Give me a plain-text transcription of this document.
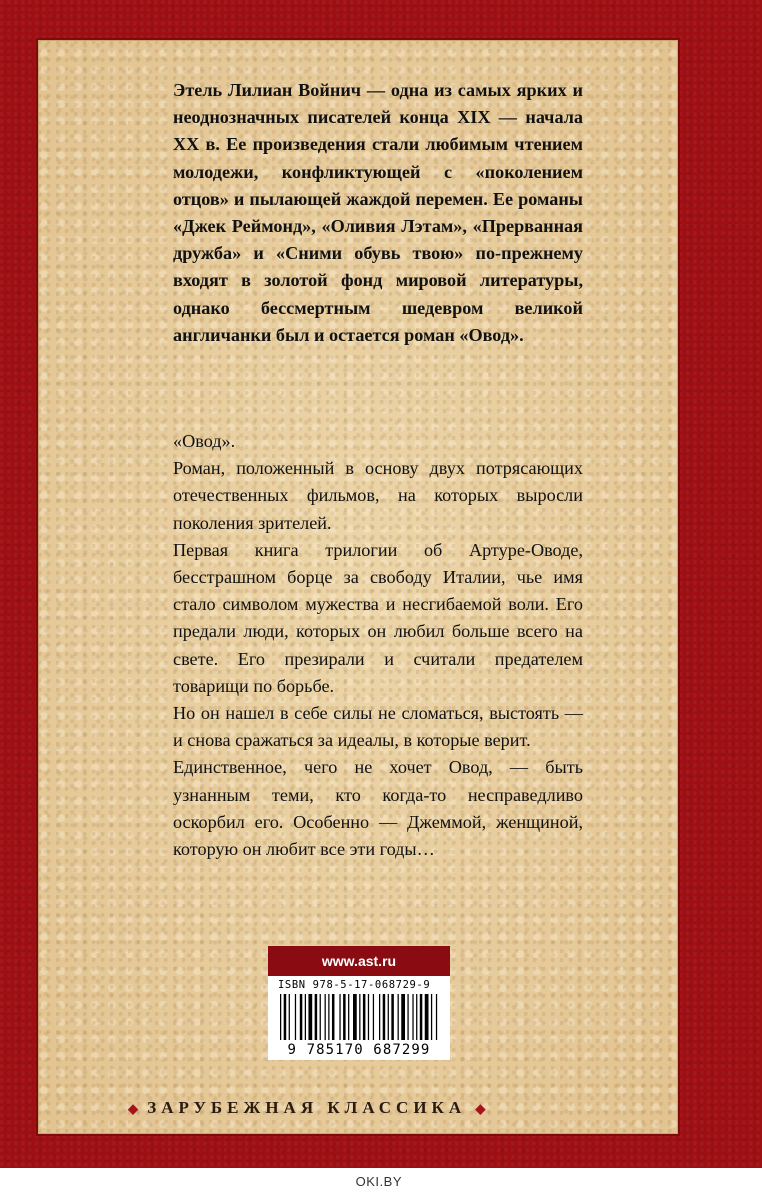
Этель Лилиан Войнич — одна из самых ярких и неоднозначных писателей конца XIX — начала XX в. Ее произведения стали любимым чтением молодежи, конфликтующей с «поколением отцов» и пылающей жаждой перемен. Ее романы «Джек Реймонд», «Оливия Лэтам», «Прерванная дружба» и «Сними обувь твою» по-прежнему входят в золотой фонд мировой литературы, однако бессмертным шедевром великой англичанки был и остается роман «Овод».

«Овод».

Роман, положенный в основу двух потрясающих отечественных фильмов, на которых выросли поколения зрителей.

Первая книга трилогии об Артуре-Оводе, бесстрашном борце за свободу Италии, чье имя стало символом мужества и несгибаемой воли. Его предали люди, которых он любил больше всего на свете. Его презирали и считали предателем товарищи по борьбе.

Но он нашел в себе силы не сломаться, выстоять — и снова сражаться за идеалы, в которые верит.

Единственное, чего не хочет Овод, — быть узнанным теми, кто когда-то несправедливо оскорбил его. Особенно — Джеммой, женщиной, которую он любит все эти годы…

www.ast.ru
ISBN 978-5-17-068729-9
9 785170 687299
◆ ЗАРУБЕЖНАЯ КЛАССИКА ◆
OKI.BY
